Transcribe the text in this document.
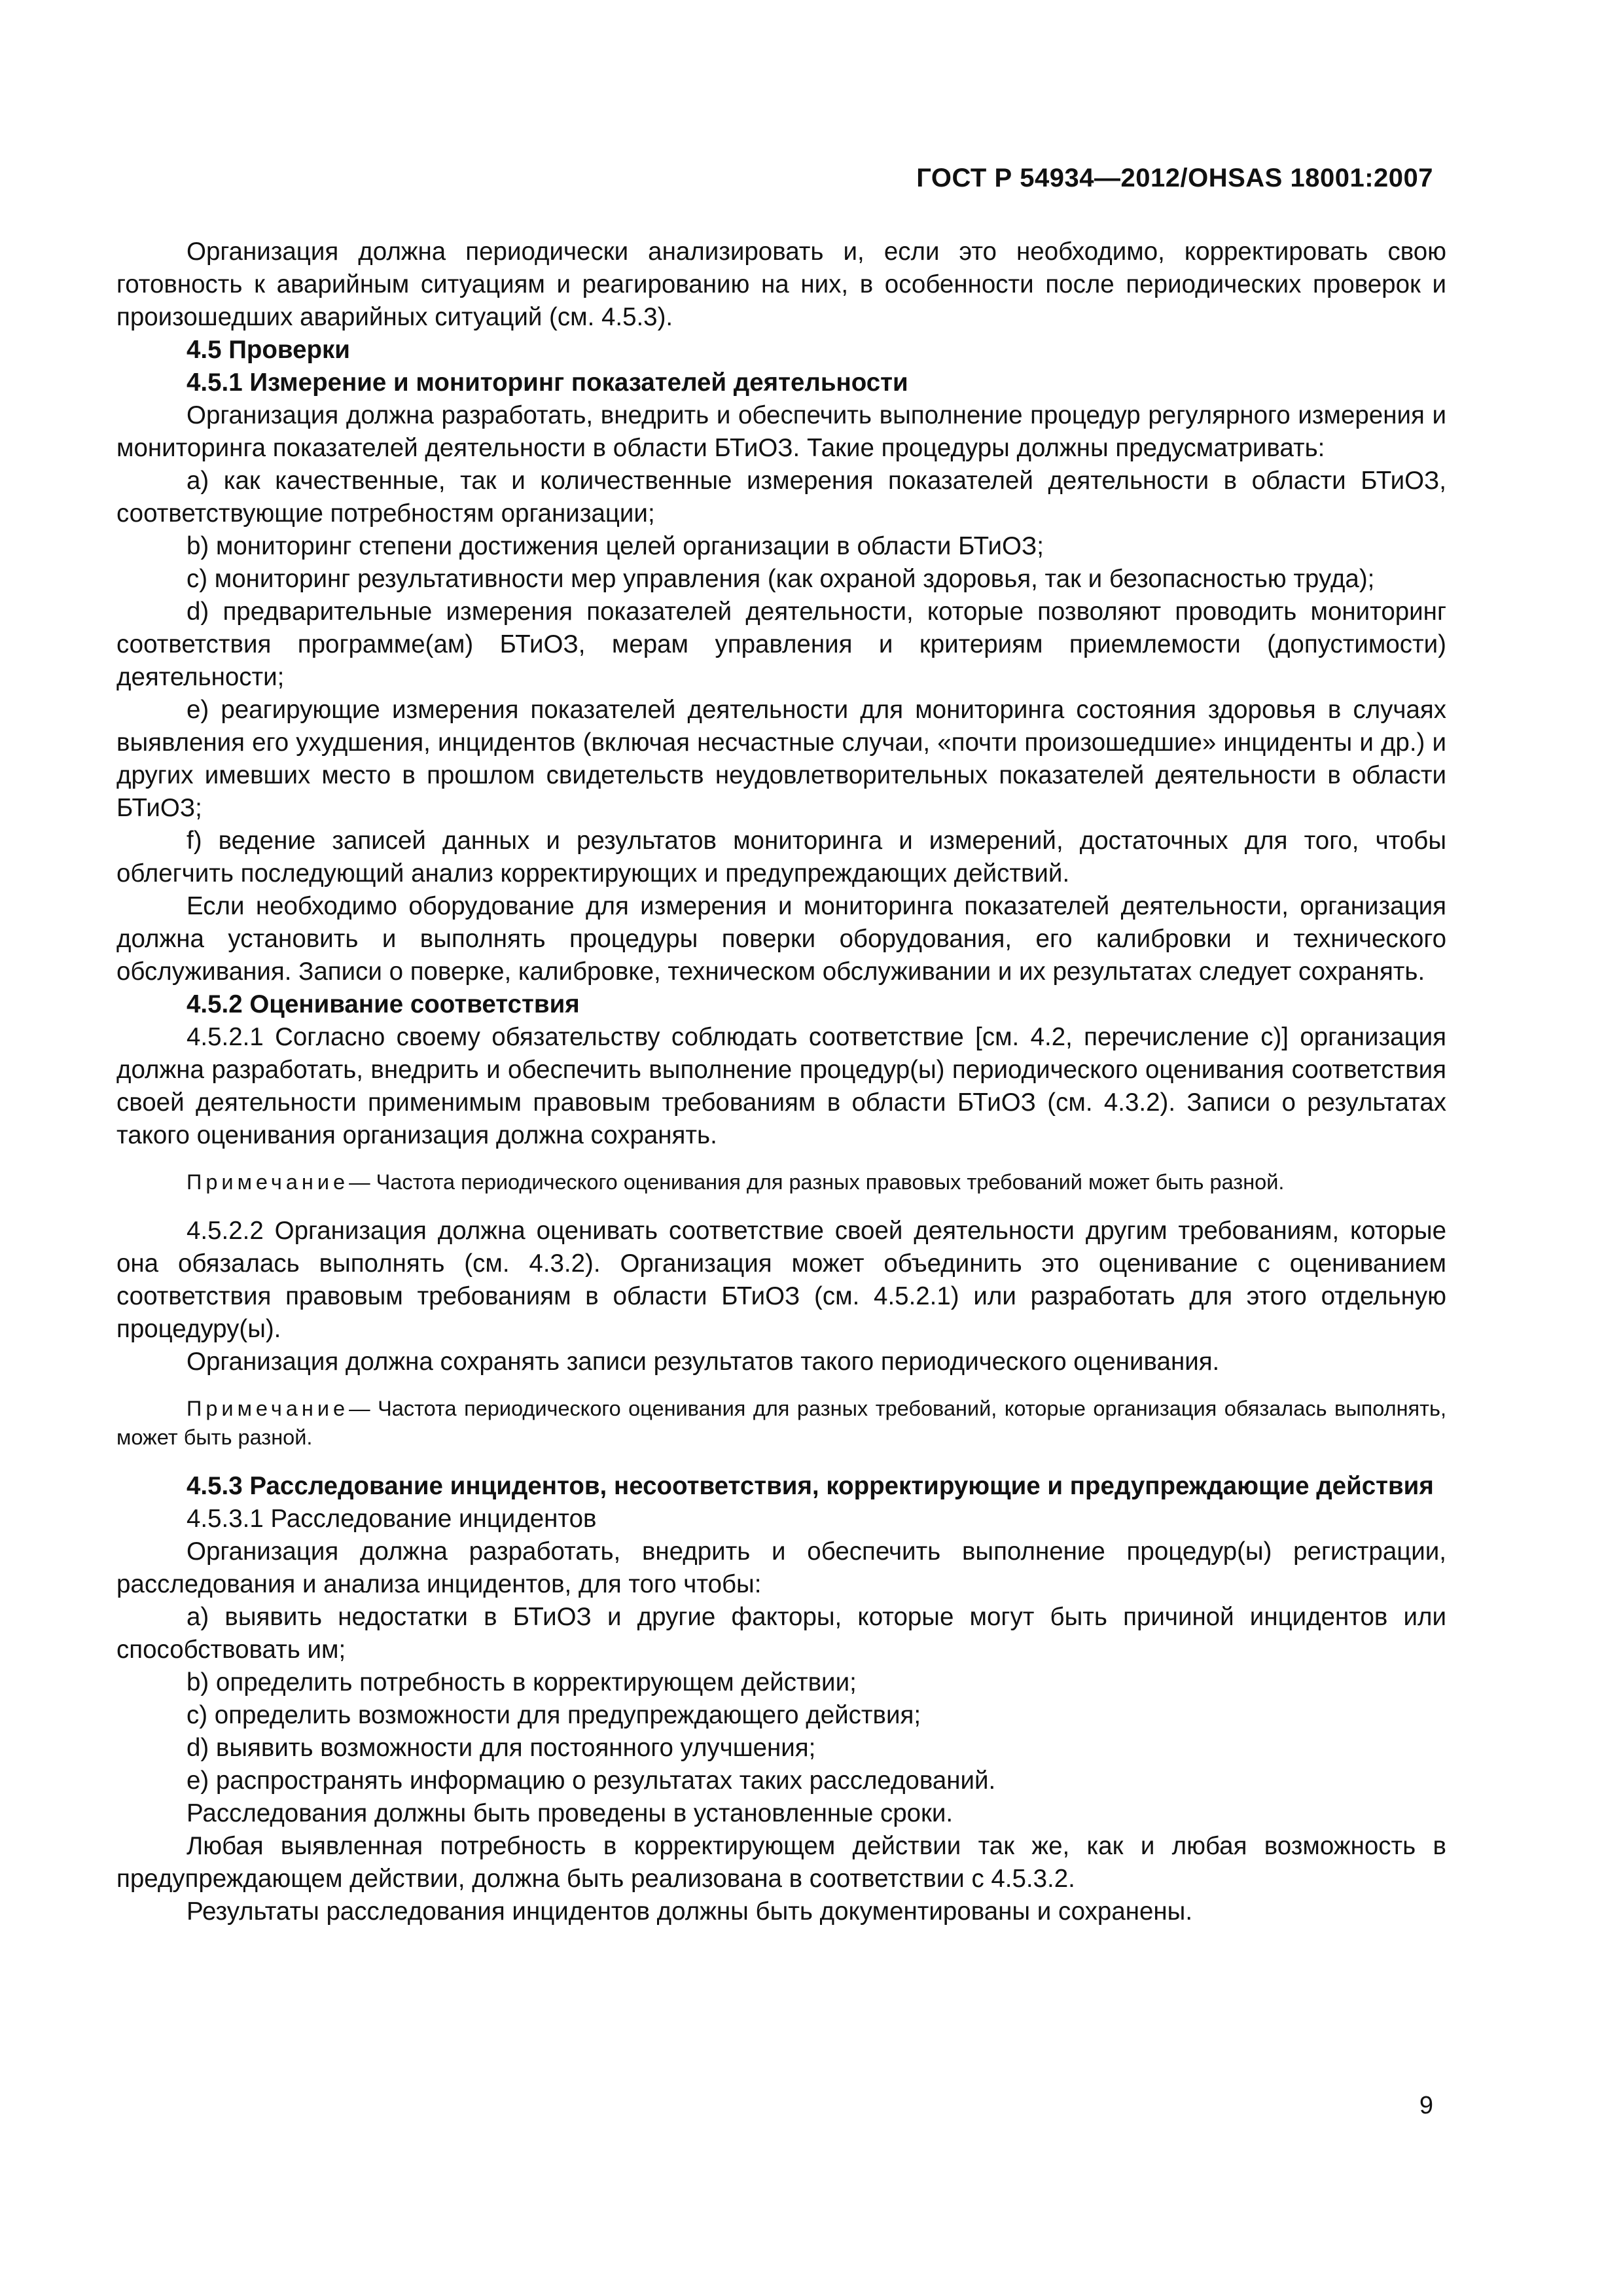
ГОСТ Р 54934—2012/OHSAS 18001:2007

Организация должна периодически анализировать и, если это необходимо, корректировать свою готовность к аварийным ситуациям и реагированию на них, в особенности после периодических проверок и произошедших аварийных ситуаций (см. 4.5.3).

4.5 Проверки

4.5.1 Измерение и мониторинг показателей деятельности

Организация должна разработать, внедрить и обеспечить выполнение процедур регулярного измерения и мониторинга показателей деятельности в области БТиОЗ. Такие процедуры должны предусматривать:

a) как качественные, так и количественные измерения показателей деятельности в области БТиОЗ, соответствующие потребностям организации;

b) мониторинг степени достижения целей организации в области БТиОЗ;

c) мониторинг результативности мер управления (как охраной здоровья, так и безопасностью труда);

d) предварительные измерения показателей деятельности, которые позволяют проводить мониторинг соответствия программе(ам) БТиОЗ, мерам управления и критериям приемлемости (допустимости) деятельности;

e) реагирующие измерения показателей деятельности для мониторинга состояния здоровья в случаях выявления его ухудшения, инцидентов (включая несчастные случаи, «почти произошедшие» инциденты и др.) и других имевших место в прошлом свидетельств неудовлетворительных показателей деятельности в области БТиОЗ;

f) ведение записей данных и результатов мониторинга и измерений, достаточных для того, чтобы облегчить последующий анализ корректирующих и предупреждающих действий.

Если необходимо оборудование для измерения и мониторинга показателей деятельности, организация должна установить и выполнять процедуры поверки оборудования, его калибровки и технического обслуживания. Записи о поверке, калибровке, техническом обслуживании и их результатах следует сохранять.

4.5.2 Оценивание соответствия

4.5.2.1 Согласно своему обязательству соблюдать соответствие [см. 4.2, перечисление c)] организация должна разработать, внедрить и обеспечить выполнение процедур(ы) периодического оценивания соответствия своей деятельности применимым правовым требованиям в области БТиОЗ (см. 4.3.2). Записи о результатах такого оценивания организация должна сохранять.

Примечание— Частота периодического оценивания для разных правовых требований может быть разной.

4.5.2.2 Организация должна оценивать соответствие своей деятельности другим требованиям, которые она обязалась выполнять (см. 4.3.2). Организация может объединить это оценивание с оцениванием соответствия правовым требованиям в области БТиОЗ (см. 4.5.2.1) или разработать для этого отдельную процедуру(ы).

Организация должна сохранять записи результатов такого периодического оценивания.

Примечание— Частота периодического оценивания для разных требований, которые организация обязалась выполнять, может быть разной.

4.5.3 Расследование инцидентов, несоответствия, корректирующие и предупреждающие действия

4.5.3.1 Расследование инцидентов

Организация должна разработать, внедрить и обеспечить выполнение процедур(ы) регистрации, расследования и анализа инцидентов, для того чтобы:

a) выявить недостатки в БТиОЗ и другие факторы, которые могут быть причиной инцидентов или способствовать им;

b) определить потребность в корректирующем действии;

c) определить возможности для предупреждающего действия;

d) выявить возможности для постоянного улучшения;

e) распространять информацию о результатах таких расследований.

Расследования должны быть проведены в установленные сроки.

Любая выявленная потребность в корректирующем действии так же, как и любая возможность в предупреждающем действии, должна быть реализована в соответствии с 4.5.3.2.

Результаты расследования инцидентов должны быть документированы и сохранены.

9
